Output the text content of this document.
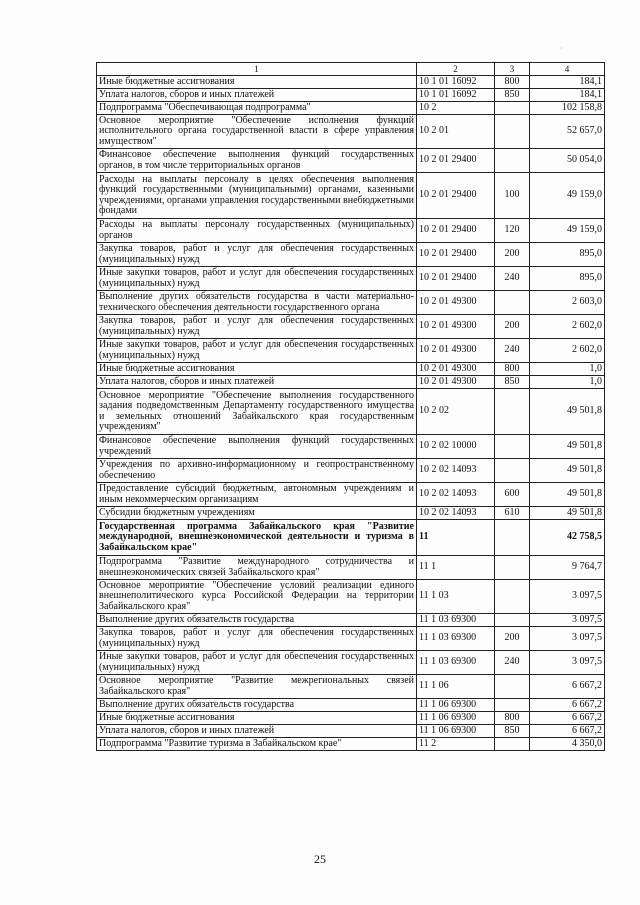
·
1	2	3	4
Иные бюджетные ассигнования	10 1 01 16092	800	184,1
Уплата налогов, сборов и иных платежей	10 1 01 16092	850	184,1
Подпрограмма "Обеспечивающая подпрограмма"	10 2		102 158,8
Основное мероприятие "Обеспечение исполнения функций исполнительного органа государственной власти в сфере управления имуществом"	10 2 01		52 657,0
Финансовое обеспечение выполнения функций государственных органов, в том числе территориальных органов	10 2 01 29400		50 054,0
Расходы на выплаты персоналу в целях обеспечения выполнения функций государственными (муниципальными) органами, казенными учреждениями, органами управления государственными внебюджетными фондами	10 2 01 29400	100	49 159,0
Расходы на выплаты персоналу государственных (муниципальных) органов	10 2 01 29400	120	49 159,0
Закупка товаров, работ и услуг для обеспечения государственных (муниципальных) нужд	10 2 01 29400	200	895,0
Иные закупки товаров, работ и услуг для обеспечения государственных (муниципальных) нужд	10 2 01 29400	240	895,0
Выполнение других обязательств государства в части материально-технического обеспечения деятельности государственного органа	10 2 01 49300		2 603,0
Закупка товаров, работ и услуг для обеспечения государственных (муниципальных) нужд	10 2 01 49300	200	2 602,0
Иные закупки товаров, работ и услуг для обеспечения государственных (муниципальных) нужд	10 2 01 49300	240	2 602,0
Иные бюджетные ассигнования	10 2 01 49300	800	1,0
Уплата налогов, сборов и иных платежей	10 2 01 49300	850	1,0
Основное мероприятие "Обеспечение выполнения государственного задания подведомственным Департаменту государственного имущества и земельных отношений Забайкальского края государственным учреждениям"	10 2 02		49 501,8
Финансовое обеспечение выполнения функций государственных учреждений	10 2 02 10000		49 501,8
Учреждения по архивно-информационному и геопространственному обеспечению	10 2 02 14093		49 501,8
Предоставление субсидий бюджетным, автономным учреждениям и иным некоммерческим организациям	10 2 02 14093	600	49 501,8
Субсидии бюджетным учреждениям	10 2 02 14093	610	49 501,8
Государственная программа Забайкальского края "Развитие международной, внешнеэкономической деятельности и туризма в Забайкальском крае"	11		42 758,5
Подпрограмма "Развитие международного сотрудничества и внешнеэкономических связей Забайкальского края"	11 1		9 764,7
Основное мероприятие "Обеспечение условий реализации единого внешнеполитического курса Российской Федерации на территории Забайкальского края"	11 1 03		3 097,5
Выполнение других обязательств государства	11 1 03 69300		3 097,5
Закупка товаров, работ и услуг для обеспечения государственных (муниципальных) нужд	11 1 03 69300	200	3 097,5
Иные закупки товаров, работ и услуг для обеспечения государственных (муниципальных) нужд	11 1 03 69300	240	3 097,5
Основное мероприятие "Развитие межрегиональных связей Забайкальского края"	11 1 06		6 667,2
Выполнение других обязательств государства	11 1 06 69300		6 667,2
Иные бюджетные ассигнования	11 1 06 69300	800	6 667,2
Уплата налогов, сборов и иных платежей	11 1 06 69300	850	6 667,2
Подпрограмма "Развитие туризма в Забайкальском крае"	11 2		4 350,0
25
